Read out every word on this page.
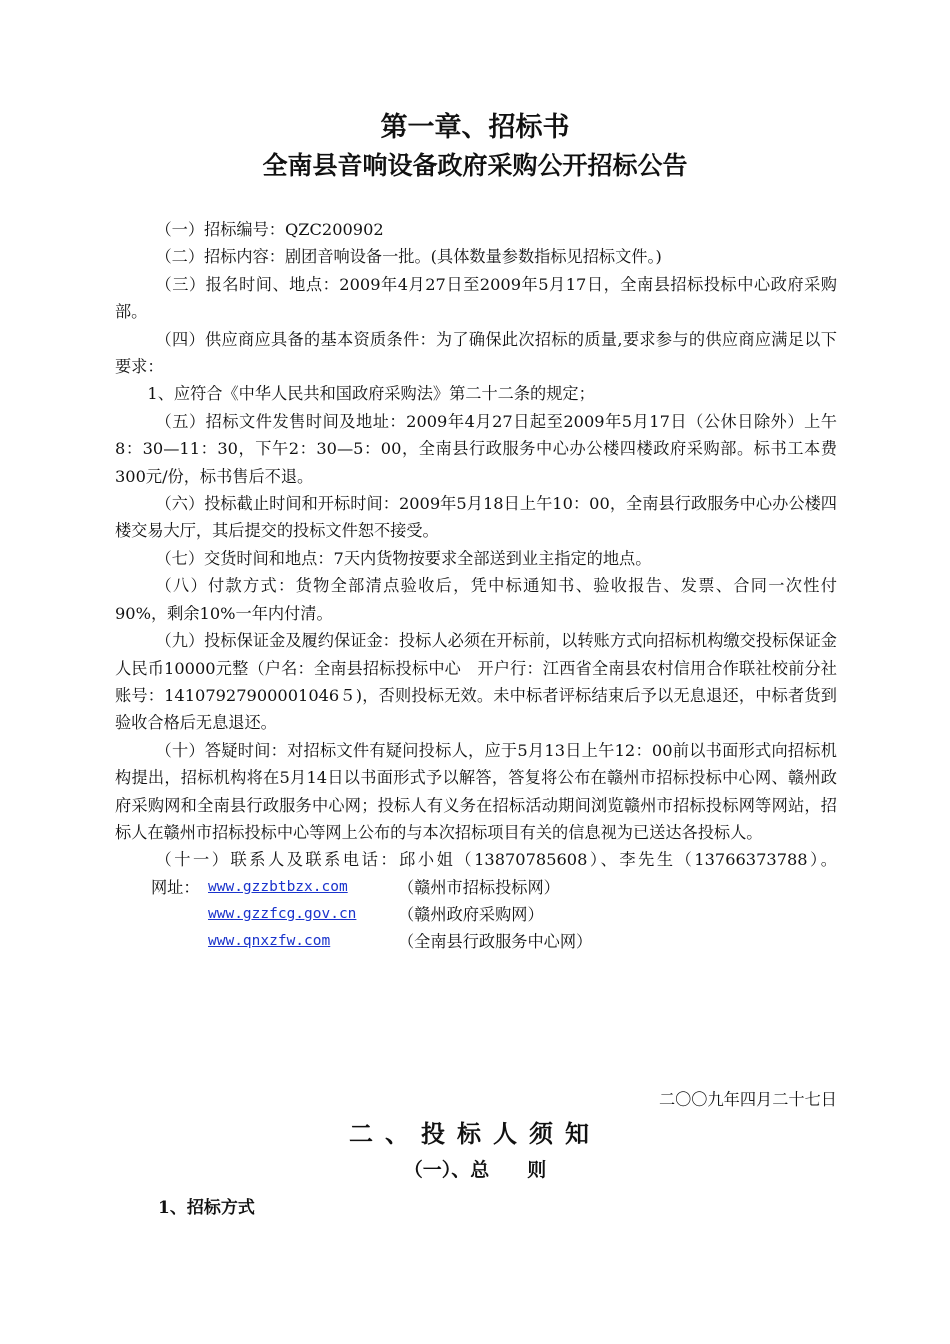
第一章、招标书
全南县音响设备政府采购公开招标公告

（一）招标编号：QZC200902

（二）招标内容：剧团音响设备一批。(具体数量参数指标见招标文件。)

（三）报名时间、地点：2009年4月27日至2009年5月17日，全南县招标投标中心政府采购部。

（四）供应商应具备的基本资质条件：为了确保此次招标的质量,要求参与的供应商应满足以下要求：

1、应符合《中华人民共和国政府采购法》第二十二条的规定；

（五）招标文件发售时间及地址：2009年4月27日起至2009年5月17日（公休日除外）上午8：30—11：30，下午2：30—5：00，全南县行政服务中心办公楼四楼政府采购部。标书工本费300元/份，标书售后不退。

（六）投标截止时间和开标时间：2009年5月18日上午10：00，全南县行政服务中心办公楼四楼交易大厅，其后提交的投标文件恕不接受。

（七）交货时间和地点：7天内货物按要求全部送到业主指定的地点。

（八）付款方式：货物全部清点验收后，凭中标通知书、验收报告、发票、合同一次性付90%，剩余10%一年内付清。

（九）投标保证金及履约保证金：投标人必须在开标前，以转账方式向招标机构缴交投标保证金人民币10000元整（户名：全南县招标投标中心　开户行：江西省全南县农村信用合作联社校前分社 账号：14107927900001046５)，否则投标无效。未中标者评标结束后予以无息退还，中标者货到验收合格后无息退还。

（十）答疑时间：对招标文件有疑问投标人，应于5月13日上午12：00前以书面形式向招标机构提出，招标机构将在5月14日以书面形式予以解答，答复将公布在赣州市招标投标中心网、赣州政府采购网和全南县行政服务中心网；投标人有义务在招标活动期间浏览赣州市招标投标网等网站，招标人在赣州市招标投标中心等网上公布的与本次招标项目有关的信息视为已送达各投标人。

（十一）联系人及联系电话：邱小姐（13870785608）、李先生（13766373788）。

网址： www.gzzbtbzx.com	（赣州市招标投标网）
www.gzzfcg.gov.cn	（赣州政府采购网）
www.qnxzfw.com	（全南县行政服务中心网）
二〇〇九年四月二十七日
二、投标人须知
（一）、总　　则
1、招标方式
